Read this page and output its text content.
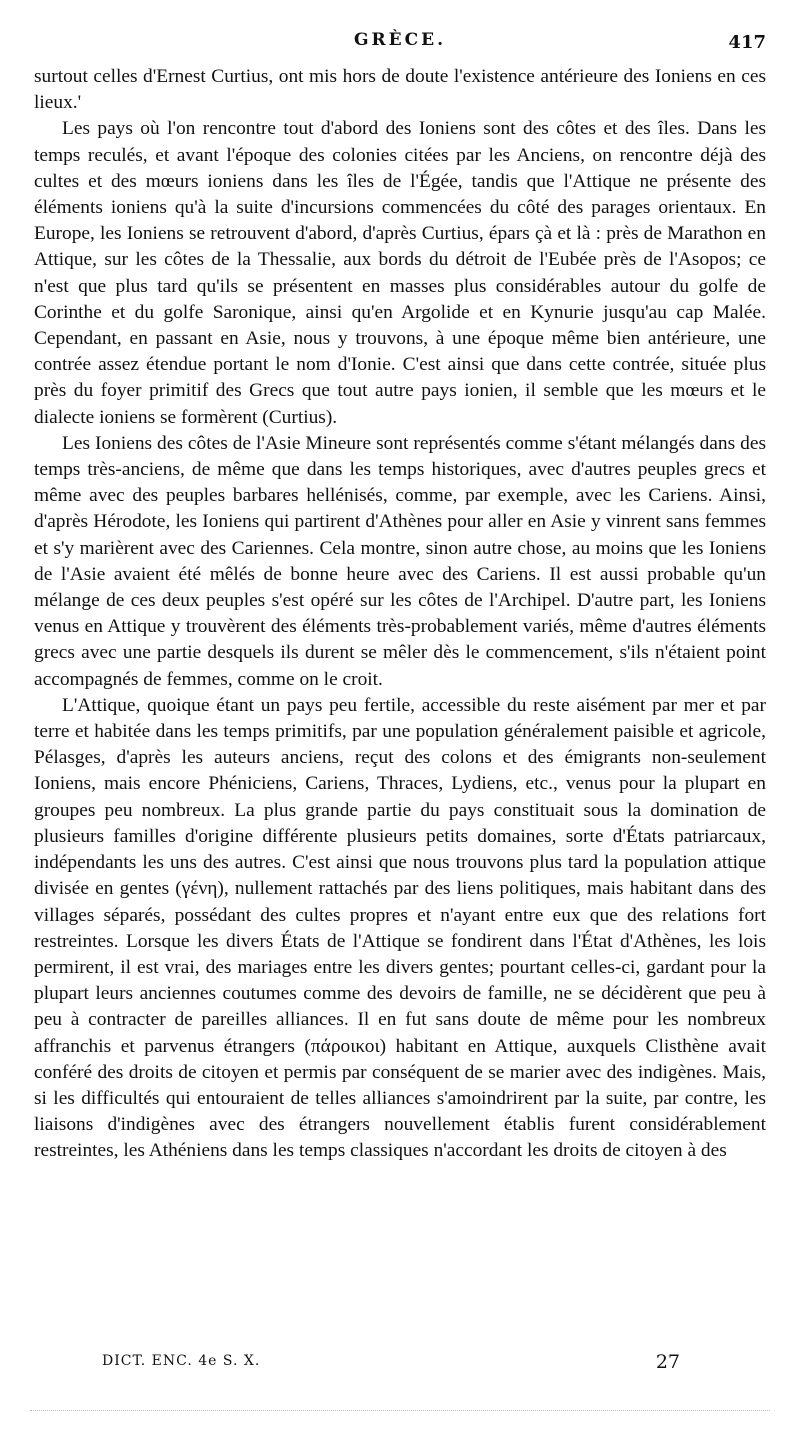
GRÈCE.	417

surtout celles d'Ernest Curtius, ont mis hors de doute l'existence antérieure des Ioniens en ces lieux.'

Les pays où l'on rencontre tout d'abord des Ioniens sont des côtes et des îles. Dans les temps reculés, et avant l'époque des colonies citées par les Anciens, on rencontre déjà des cultes et des mœurs ioniens dans les îles de l'Égée, tandis que l'Attique ne présente des éléments ioniens qu'à la suite d'incursions commencées du côté des parages orientaux. En Europe, les Ioniens se retrouvent d'abord, d'après Curtius, épars çà et là : près de Marathon en Attique, sur les côtes de la Thessalie, aux bords du détroit de l'Eubée près de l'Asopos; ce n'est que plus tard qu'ils se présentent en masses plus considérables autour du golfe de Corinthe et du golfe Saronique, ainsi qu'en Argolide et en Kynurie jusqu'au cap Malée. Cependant, en passant en Asie, nous y trouvons, à une époque même bien antérieure, une contrée assez étendue portant le nom d'Ionie. C'est ainsi que dans cette contrée, située plus près du foyer primitif des Grecs que tout autre pays ionien, il semble que les mœurs et le dialecte ioniens se formèrent (Curtius).

Les Ioniens des côtes de l'Asie Mineure sont représentés comme s'étant mélangés dans des temps très-anciens, de même que dans les temps historiques, avec d'autres peuples grecs et même avec des peuples barbares hellénisés, comme, par exemple, avec les Cariens. Ainsi, d'après Hérodote, les Ioniens qui partirent d'Athènes pour aller en Asie y vinrent sans femmes et s'y marièrent avec des Cariennes. Cela montre, sinon autre chose, au moins que les Ioniens de l'Asie avaient été mêlés de bonne heure avec des Cariens. Il est aussi probable qu'un mélange de ces deux peuples s'est opéré sur les côtes de l'Archipel. D'autre part, les Ioniens venus en Attique y trouvèrent des éléments très-probablement variés, même d'autres éléments grecs avec une partie desquels ils durent se mêler dès le commencement, s'ils n'étaient point accompagnés de femmes, comme on le croit.

L'Attique, quoique étant un pays peu fertile, accessible du reste aisément par mer et par terre et habitée dans les temps primitifs, par une population généralement paisible et agricole, Pélasges, d'après les auteurs anciens, reçut des colons et des émigrants non-seulement Ioniens, mais encore Phéniciens, Cariens, Thraces, Lydiens, etc., venus pour la plupart en groupes peu nombreux. La plus grande partie du pays constituait sous la domination de plusieurs familles d'origine différente plusieurs petits domaines, sorte d'États patriarcaux, indépendants les uns des autres. C'est ainsi que nous trouvons plus tard la population attique divisée en gentes (γένη), nullement rattachés par des liens politiques, mais habitant dans des villages séparés, possédant des cultes propres et n'ayant entre eux que des relations fort restreintes. Lorsque les divers États de l'Attique se fondirent dans l'État d'Athènes, les lois permirent, il est vrai, des mariages entre les divers gentes; pourtant celles-ci, gardant pour la plupart leurs anciennes coutumes comme des devoirs de famille, ne se décidèrent que peu à peu à contracter de pareilles alliances. Il en fut sans doute de même pour les nombreux affranchis et parvenus étrangers (πάροικοι) habitant en Attique, auxquels Clisthène avait conféré des droits de citoyen et permis par conséquent de se marier avec des indigènes. Mais, si les difficultés qui entouraient de telles alliances s'amoindrirent par la suite, par contre, les liaisons d'indigènes avec des étrangers nouvellement établis furent considérablement restreintes, les Athéniens dans les temps classiques n'accordant les droits de citoyen à des

DICT. ENC. 4e S. X.	27
